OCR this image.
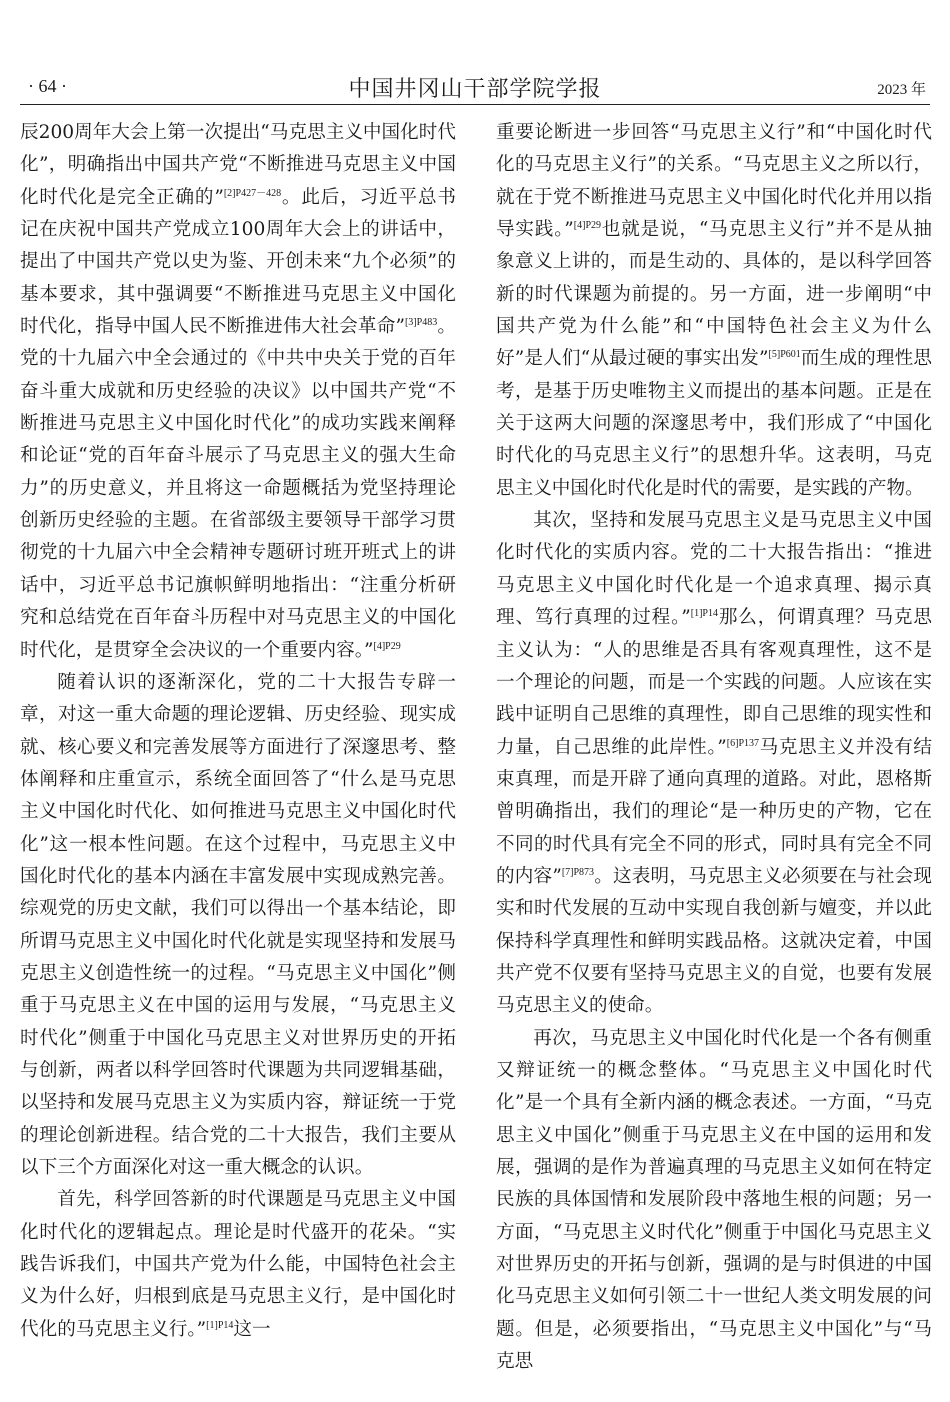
· 64 ·	中国井冈山干部学院学报	2023 年

辰200周年大会上第一次提出“马克思主义中国化时代化”，明确指出中国共产党“不断推进马克思主义中国化时代化是完全正确的”$^{[2]P427-428}$。此后，习近平总书记在庆祝中国共产党成立100周年大会上的讲话中，提出了中国共产党以史为鉴、开创未来“九个必须”的基本要求，其中强调要“不断推进马克思主义中国化时代化，指导中国人民不断推进伟大社会革命”$^{[3]P483}$。党的十九届六中全会通过的《中共中央关于党的百年奋斗重大成就和历史经验的决议》以中国共产党“不断推进马克思主义中国化时代化”的成功实践来阐释和论证“党的百年奋斗展示了马克思主义的强大生命力”的历史意义，并且将这一命题概括为党坚持理论创新历史经验的主题。在省部级主要领导干部学习贯彻党的十九届六中全会精神专题研讨班开班式上的讲话中，习近平总书记旗帜鲜明地指出：“注重分析研究和总结党在百年奋斗历程中对马克思主义的中国化时代化，是贯穿全会决议的一个重要内容。”$^{[4]P29}$

随着认识的逐渐深化，党的二十大报告专辟一章，对这一重大命题的理论逻辑、历史经验、现实成就、核心要义和完善发展等方面进行了深邃思考、整体阐释和庄重宣示，系统全面回答了“什么是马克思主义中国化时代化、如何推进马克思主义中国化时代化”这一根本性问题。在这个过程中，马克思主义中国化时代化的基本内涵在丰富发展中实现成熟完善。综观党的历史文献，我们可以得出一个基本结论，即所谓马克思主义中国化时代化就是实现坚持和发展马克思主义创造性统一的过程。“马克思主义中国化”侧重于马克思主义在中国的运用与发展，“马克思主义时代化”侧重于中国化马克思主义对世界历史的开拓与创新，两者以科学回答时代课题为共同逻辑基础，以坚持和发展马克思主义为实质内容，辩证统一于党的理论创新进程。结合党的二十大报告，我们主要从以下三个方面深化对这一重大概念的认识。

首先，科学回答新的时代课题是马克思主义中国化时代化的逻辑起点。理论是时代盛开的花朵。“实践告诉我们，中国共产党为什么能，中国特色社会主义为什么好，归根到底是马克思主义行，是中国化时代化的马克思主义行。”$^{[1]P14}$这一

重要论断进一步回答“马克思主义行”和“中国化时代化的马克思主义行”的关系。“马克思主义之所以行，就在于党不断推进马克思主义中国化时代化并用以指导实践。”$^{[4]P29}$也就是说，“马克思主义行”并不是从抽象意义上讲的，而是生动的、具体的，是以科学回答新的时代课题为前提的。另一方面，进一步阐明“中国共产党为什么能”和“中国特色社会主义为什么好”是人们“从最过硬的事实出发”$^{[5]P601}$而生成的理性思考，是基于历史唯物主义而提出的基本问题。正是在关于这两大问题的深邃思考中，我们形成了“中国化时代化的马克思主义行”的思想升华。这表明，马克思主义中国化时代化是时代的需要，是实践的产物。

其次，坚持和发展马克思主义是马克思主义中国化时代化的实质内容。党的二十大报告指出：“推进马克思主义中国化时代化是一个追求真理、揭示真理、笃行真理的过程。”$^{[1]P14}$那么，何谓真理？马克思主义认为：“人的思维是否具有客观真理性，这不是一个理论的问题，而是一个实践的问题。人应该在实践中证明自己思维的真理性，即自己思维的现实性和力量，自己思维的此岸性。”$^{[6]P137}$马克思主义并没有结束真理，而是开辟了通向真理的道路。对此，恩格斯曾明确指出，我们的理论“是一种历史的产物，它在不同的时代具有完全不同的形式，同时具有完全不同的内容”$^{[7]P873}$。这表明，马克思主义必须要在与社会现实和时代发展的互动中实现自我创新与嬗变，并以此保持科学真理性和鲜明实践品格。这就决定着，中国共产党不仅要有坚持马克思主义的自觉，也要有发展马克思主义的使命。

再次，马克思主义中国化时代化是一个各有侧重又辩证统一的概念整体。“马克思主义中国化时代化”是一个具有全新内涵的概念表述。一方面，“马克思主义中国化”侧重于马克思主义在中国的运用和发展，强调的是作为普遍真理的马克思主义如何在特定民族的具体国情和发展阶段中落地生根的问题；另一方面，“马克思主义时代化”侧重于中国化马克思主义对世界历史的开拓与创新，强调的是与时俱进的中国化马克思主义如何引领二十一世纪人类文明发展的问题。但是，必须要指出，“马克思主义中国化”与“马克思
